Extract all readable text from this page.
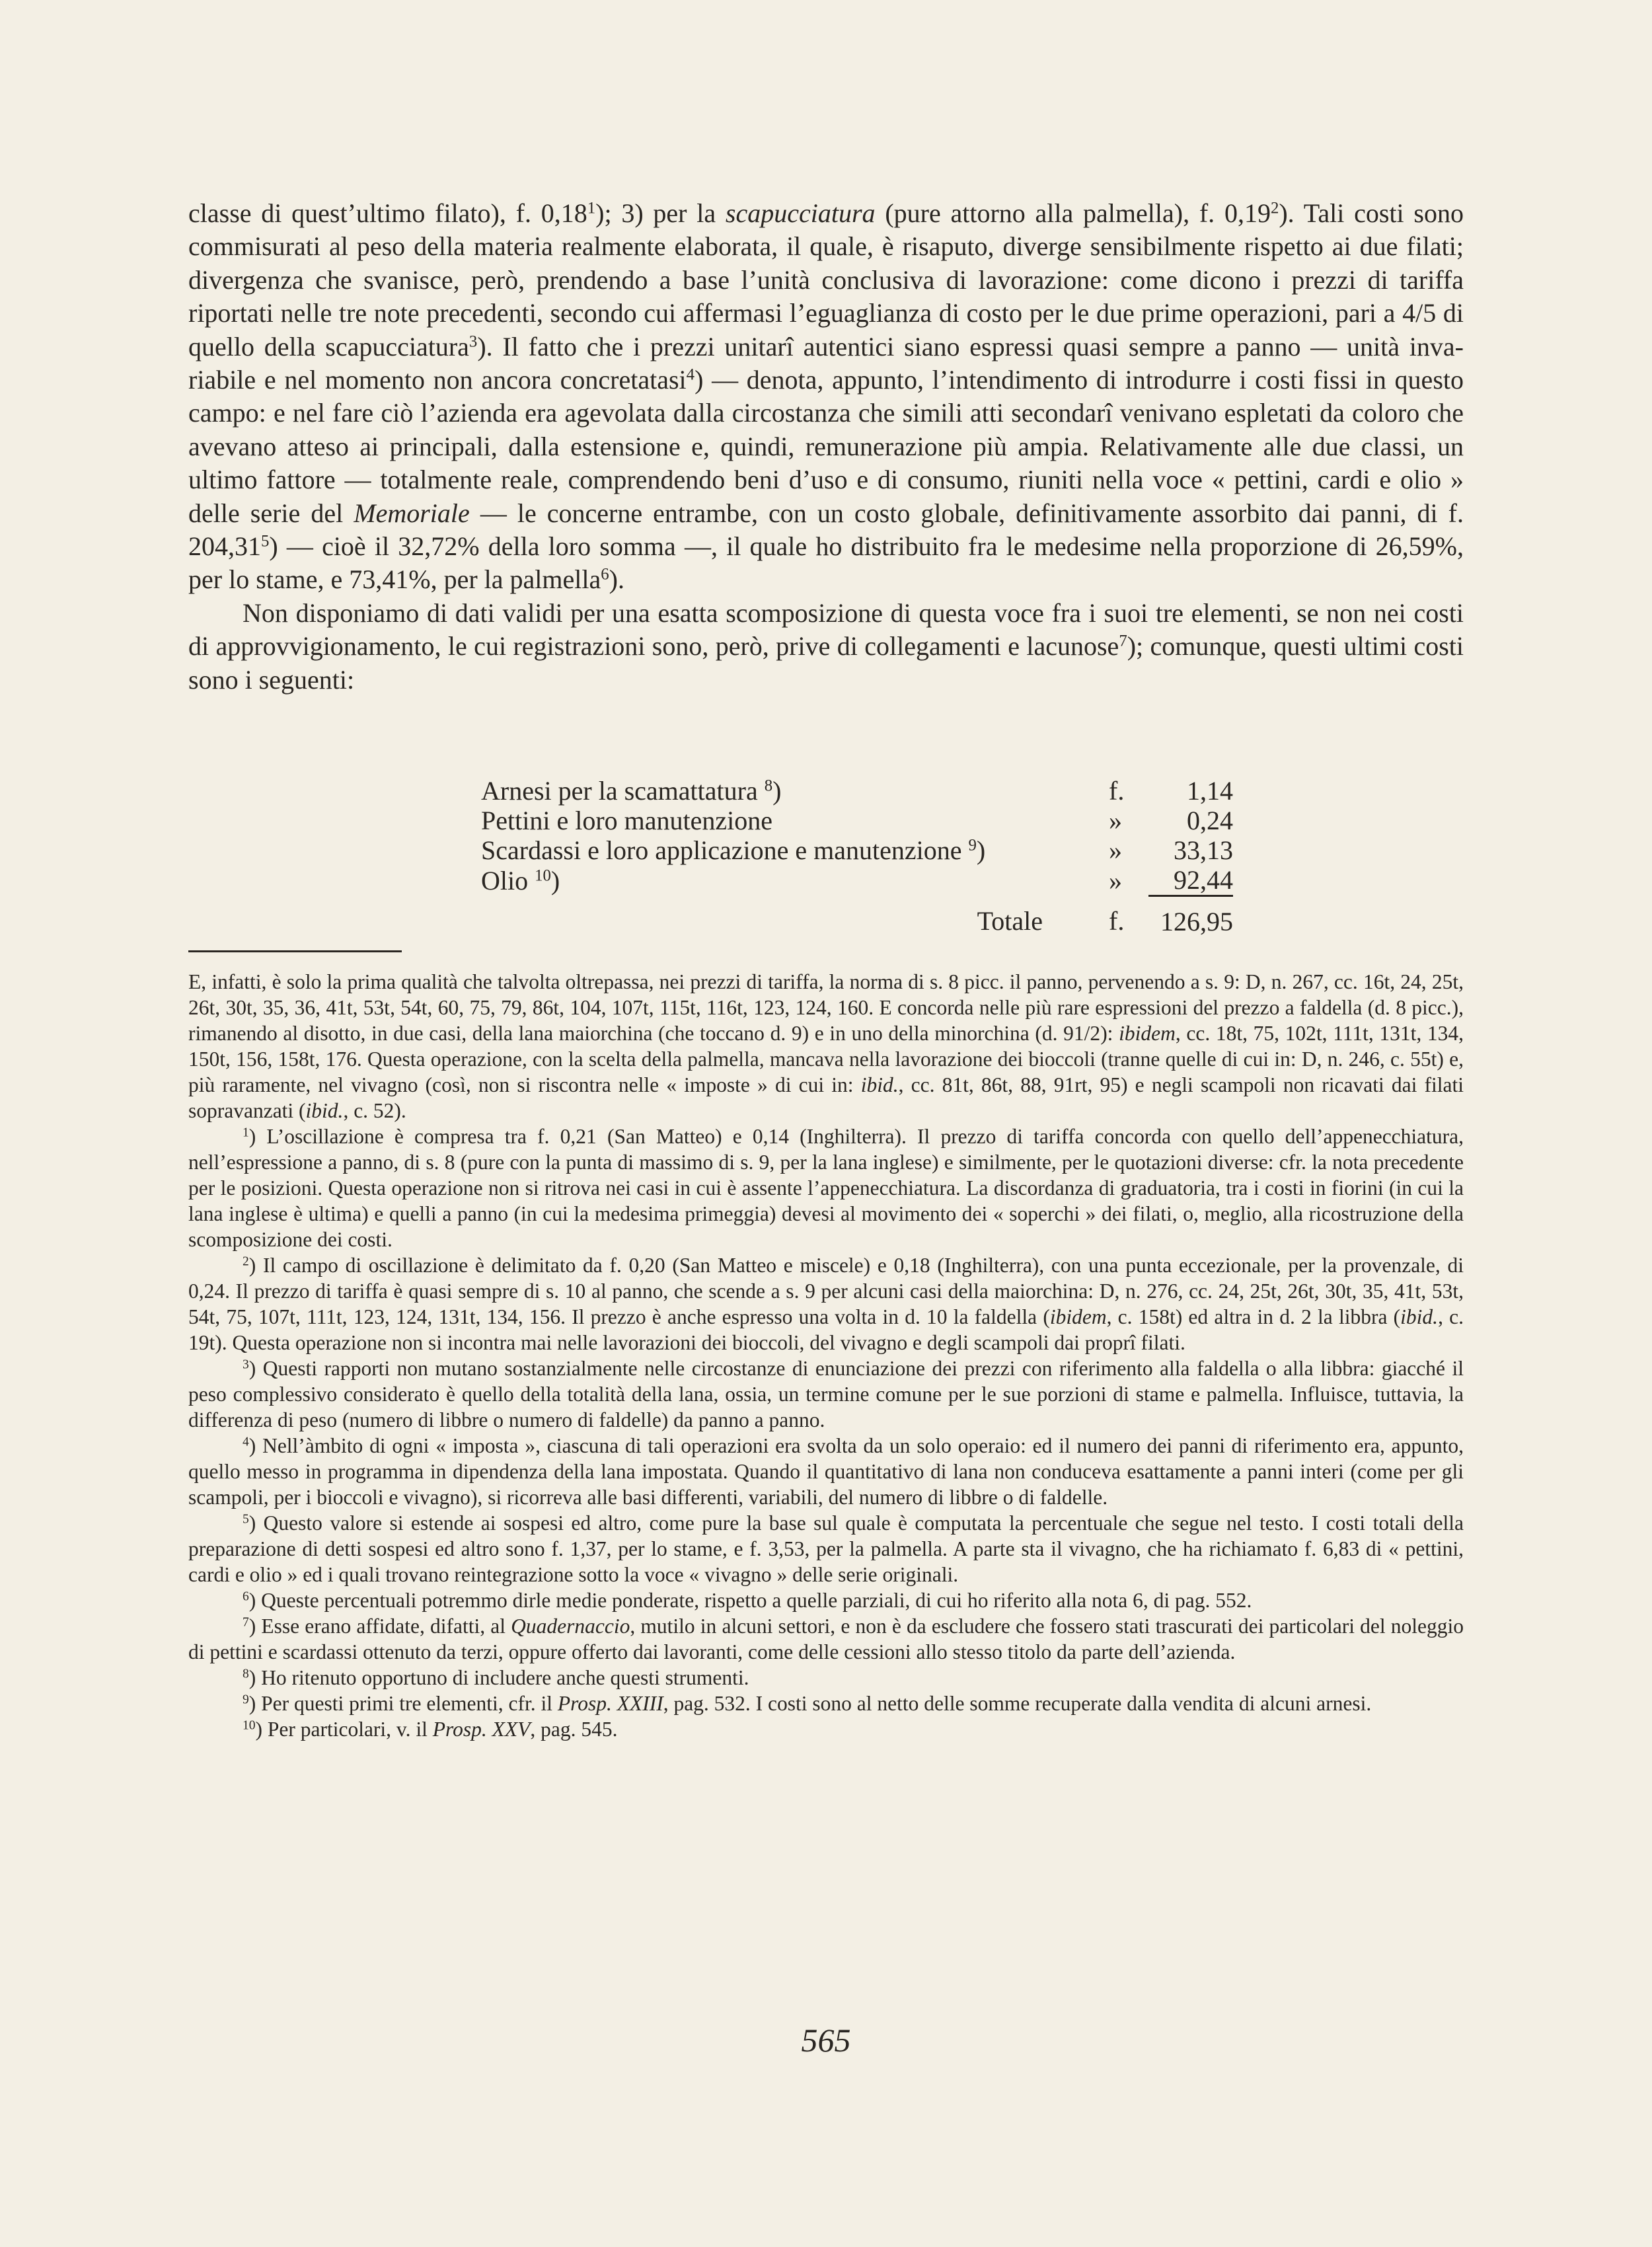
classe di quest’ultimo filato), f. 0,18$^1$); 3) per la scapucciatura (pure attorno alla palmella), f. 0,19$^2$). Tali costi sono commisurati al peso della materia realmente elaborata, il quale, è risaputo, diverge sensibilmente rispetto ai due filati; divergenza che svanisce, però, prendendo a base l’unità conclusiva di lavorazione: come dicono i prezzi di tariffa riportati nelle tre note precedenti, secondo cui affermasi l’eguaglianza di costo per le due prime operazioni, pari a 4/5 di quello della scapucciatura$^3$). Il fatto che i prezzi unitarî autentici siano espressi quasi sempre a panno — unità invariabile e nel momento non ancora concretatasi$^4$) — denota, appunto, l’intendimento di introdurre i costi fissi in questo campo: e nel fare ciò l’azienda era agevolata dalla circostanza che simili atti secondarî venivano espletati da coloro che avevano atteso ai principali, dalla estensione e, quindi, remunerazione più ampia. Relativamente alle due classi, un ultimo fattore — totalmente reale, comprendendo beni d’uso e di consumo, riuniti nella voce « pettini, cardi e olio » delle serie del Memoriale — le concerne entrambe, con un costo globale, definitivamente assorbito dai panni, di f. 204,31$^5$) — cioè il 32,72% della loro somma —, il quale ho distribuito fra le medesime nella proporzione di 26,59%, per lo stame, e 73,41%, per la palmella$^6$).

Non disponiamo di dati validi per una esatta scomposizione di questa voce fra i suoi tre elementi, se non nei costi di approvvigionamento, le cui registrazioni sono, però, prive di collegamenti e lacunose$^7$); comunque, questi ultimi costi sono i seguenti:

Arnesi per la scamattatura $^8$)	f.	1,14
Pettini e loro manutenzione	»	0,24
Scardassi e loro applicazione e manutenzione $^9$)	»	33,13
Olio $^{10}$)	»	92,44
Totale	f.	126,95

E, infatti, è solo la prima qualità che talvolta oltrepassa, nei prezzi di tariffa, la norma di s. 8 picc. il panno, pervenendo a s. 9: D, n. 267, cc. 16t, 24, 25t, 26t, 30t, 35, 36, 41t, 53t, 54t, 60, 75, 79, 86t, 104, 107t, 115t, 116t, 123, 124, 160. E concorda nelle più rare espressioni del prezzo a faldella (d. 8 picc.), rimanendo al disotto, in due casi, della lana maiorchina (che toccano d. 9) e in uno della minorchina (d. 91/2): ibidem, cc. 18t, 75, 102t, 111t, 131t, 134, 150t, 156, 158t, 176. Questa operazione, con la scelta della palmella, mancava nella lavorazione dei bioccoli (tranne quelle di cui in: D, n. 246, c. 55t) e, più raramente, nel vivagno (così, non si riscontra nelle « imposte » di cui in: ibid., cc. 81t, 86t, 88, 91rt, 95) e negli scampoli non ricavati dai filati sopravanzati (ibid., c. 52).

$^1$) L’oscillazione è compresa tra f. 0,21 (San Matteo) e 0,14 (Inghilterra). Il prezzo di tariffa concorda con quello dell’appenecchiatura, nell’espressione a panno, di s. 8 (pure con la punta di massimo di s. 9, per la lana inglese) e similmente, per le quotazioni diverse: cfr. la nota precedente per le posizioni. Questa operazione non si ritrova nei casi in cui è assente l’appenecchiatura. La discordanza di graduatoria, tra i costi in fiorini (in cui la lana inglese è ultima) e quelli a panno (in cui la medesima primeggia) devesi al movimento dei « soperchi » dei filati, o, meglio, alla ricostruzione della scomposizione dei costi.

$^2$) Il campo di oscillazione è delimitato da f. 0,20 (San Matteo e miscele) e 0,18 (Inghilterra), con una punta eccezionale, per la provenzale, di 0,24. Il prezzo di tariffa è quasi sempre di s. 10 al panno, che scende a s. 9 per alcuni casi della maiorchina: D, n. 276, cc. 24, 25t, 26t, 30t, 35, 41t, 53t, 54t, 75, 107t, 111t, 123, 124, 131t, 134, 156. Il prezzo è anche espresso una volta in d. 10 la faldella (ibidem, c. 158t) ed altra in d. 2 la libbra (ibid., c. 19t). Questa operazione non si incontra mai nelle lavorazioni dei bioccoli, del vivagno e degli scampoli dai proprî filati.

$^3$) Questi rapporti non mutano sostanzialmente nelle circostanze di enunciazione dei prezzi con riferimento alla faldella o alla libbra: giacché il peso complessivo considerato è quello della totalità della lana, ossia, un termine comune per le sue porzioni di stame e palmella. Influisce, tuttavia, la differenza di peso (numero di libbre o numero di faldelle) da panno a panno.

$^4$) Nell’àmbito di ogni « imposta », ciascuna di tali operazioni era svolta da un solo operaio: ed il numero dei panni di riferimento era, appunto, quello messo in programma in dipendenza della lana impostata. Quando il quantitativo di lana non conduceva esattamente a panni interi (come per gli scampoli, per i bioccoli e vivagno), si ricorreva alle basi differenti, variabili, del numero di libbre o di faldelle.

$^5$) Questo valore si estende ai sospesi ed altro, come pure la base sul quale è computata la percentuale che segue nel testo. I costi totali della preparazione di detti sospesi ed altro sono f. 1,37, per lo stame, e f. 3,53, per la palmella. A parte sta il vivagno, che ha richiamato f. 6,83 di « pettini, cardi e olio » ed i quali trovano reintegrazione sotto la voce « vivagno » delle serie originali.

$^6$) Queste percentuali potremmo dirle medie ponderate, rispetto a quelle parziali, di cui ho riferito alla nota 6, di pag. 552.

$^7$) Esse erano affidate, difatti, al Quadernaccio, mutilo in alcuni settori, e non è da escludere che fossero stati trascurati dei particolari del noleggio di pettini e scardassi ottenuto da terzi, oppure offerto dai lavoranti, come delle cessioni allo stesso titolo da parte dell’azienda.

$^8$) Ho ritenuto opportuno di includere anche questi strumenti.

$^9$) Per questi primi tre elementi, cfr. il Prosp. XXIII, pag. 532. I costi sono al netto delle somme recuperate dalla vendita di alcuni arnesi.

$^{10}$) Per particolari, v. il Prosp. XXV, pag. 545.

565
